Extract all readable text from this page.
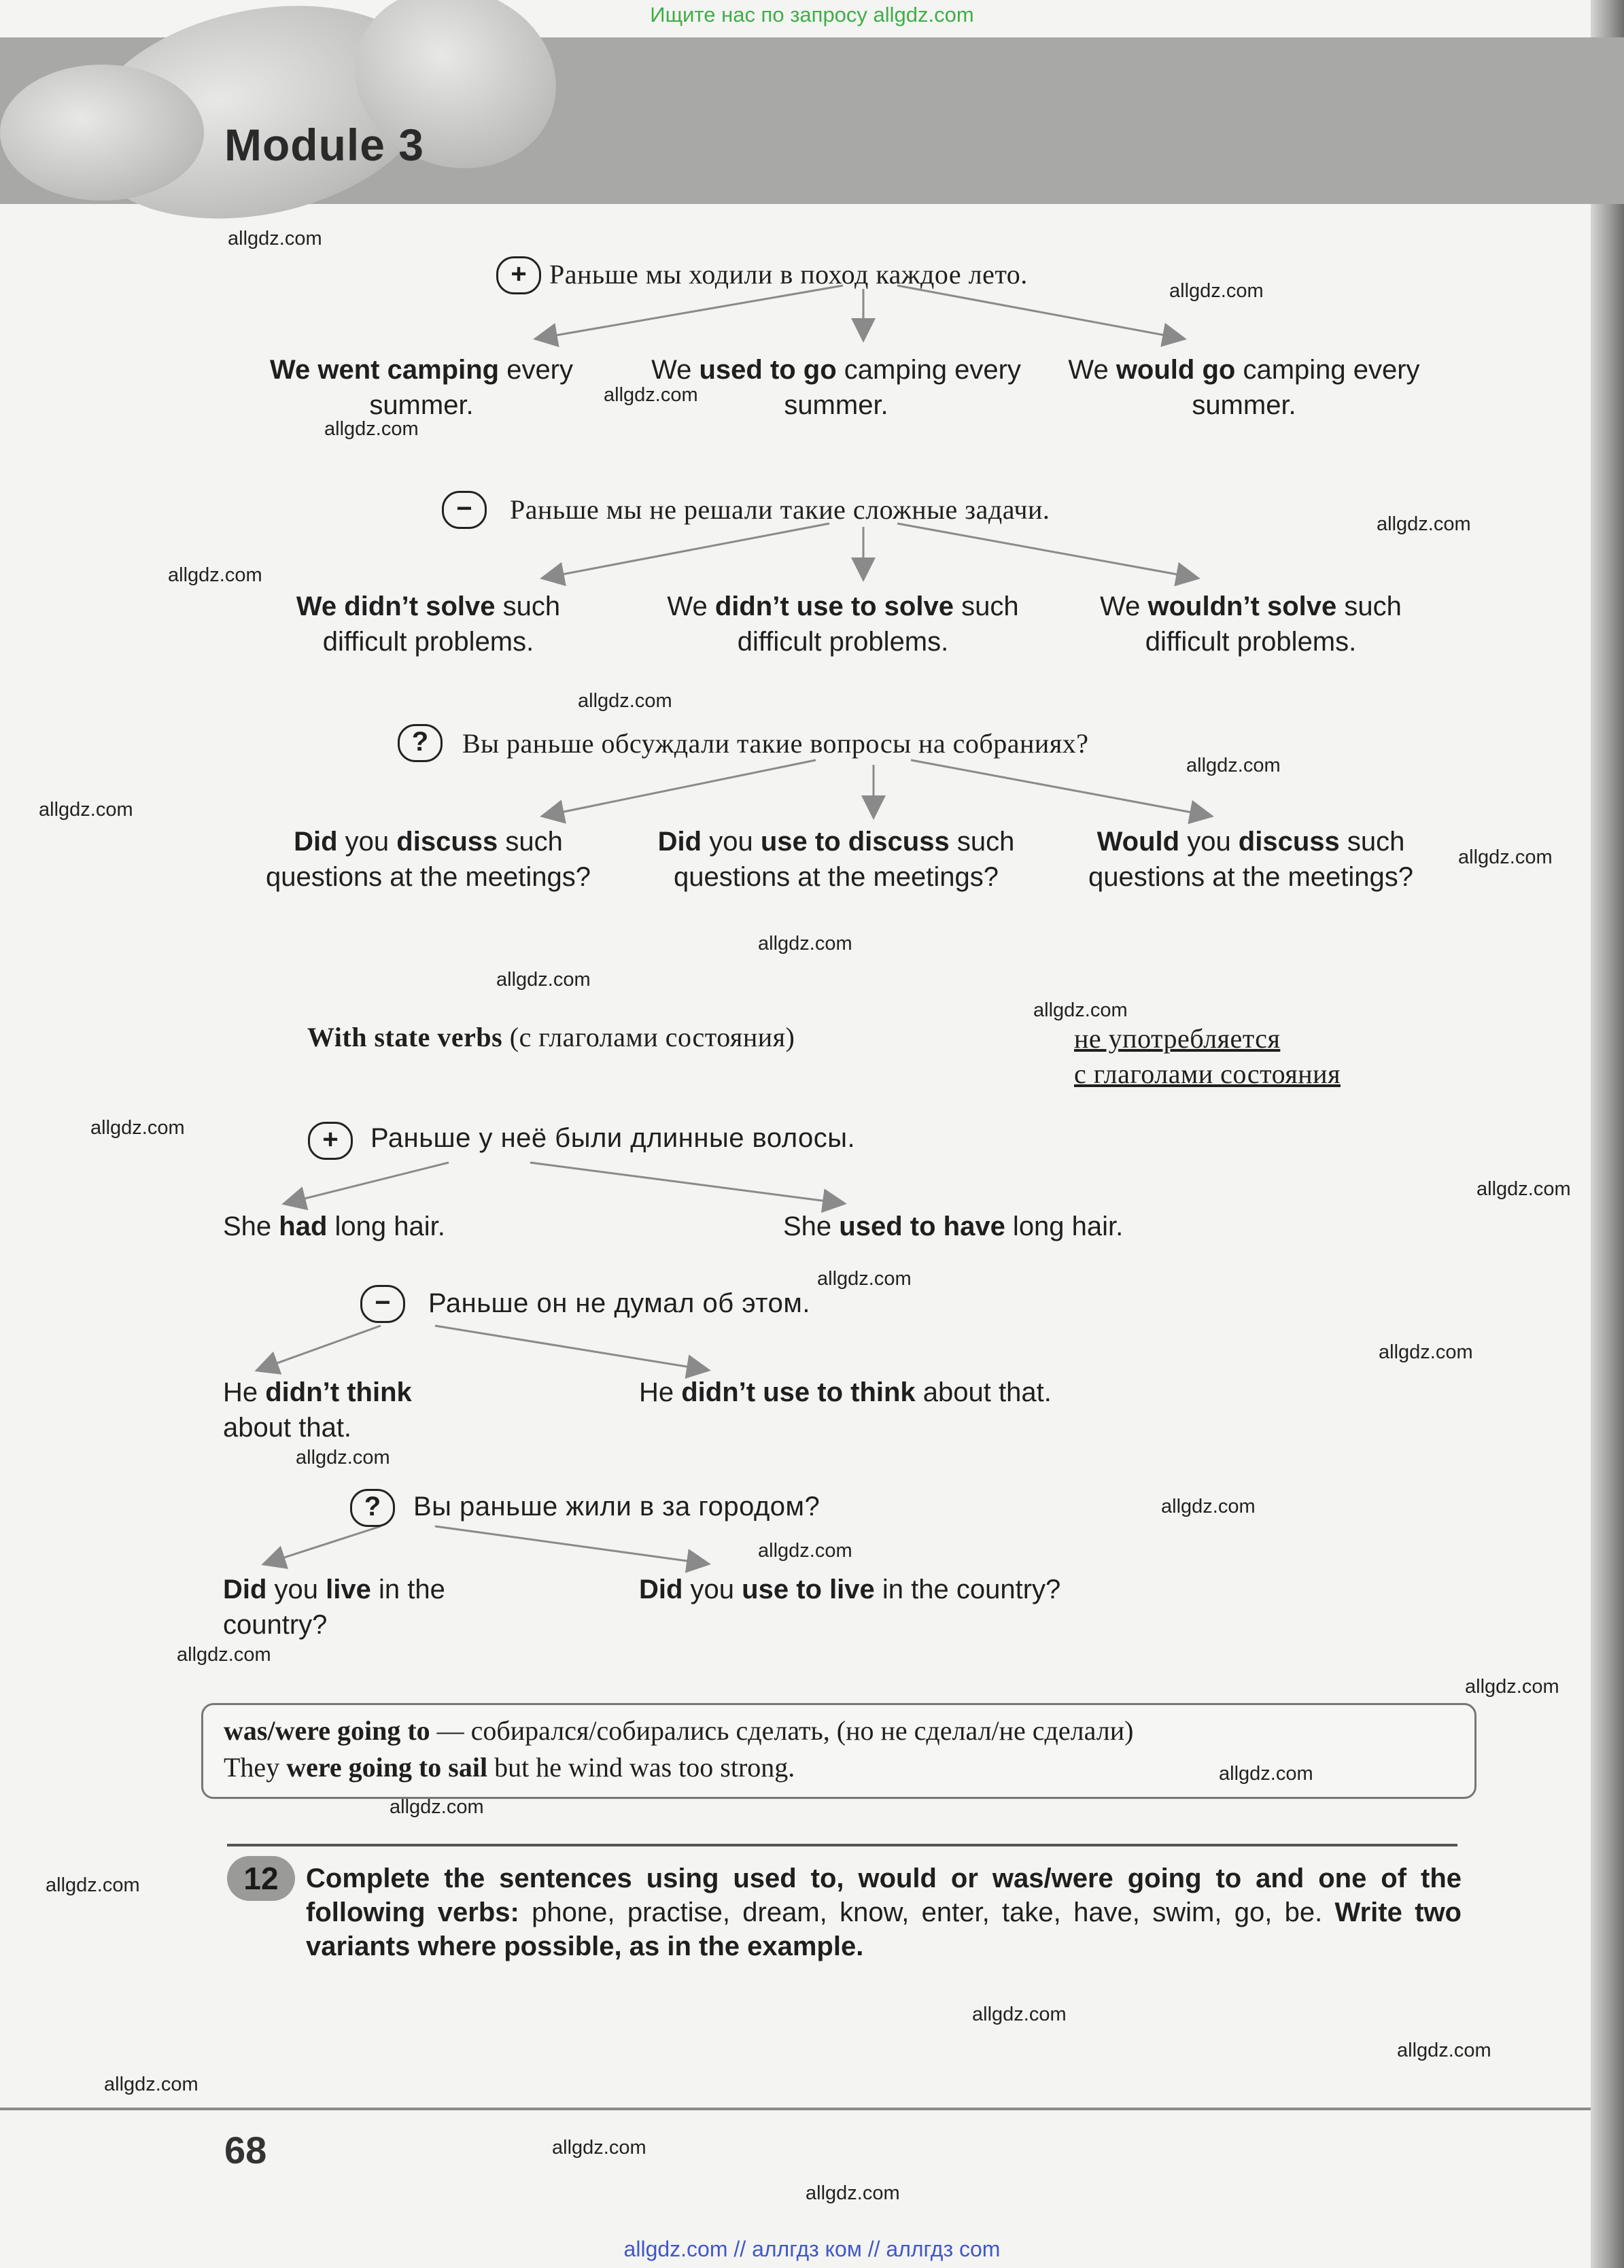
Ищите нас по запросу allgdz.com
Module 3
+ Раньше мы ходили в поход каждое лето.
We went camping every summer.
We used to go camping every summer.
We would go camping every summer.
−	Раньше мы не решали такие сложные задачи.
We didn’t solve such difficult problems.
We didn’t use to solve such difficult problems.
We wouldn’t solve such difficult problems.
?	Вы раньше обсуждали такие вопросы на собраниях?
Did you discuss such questions at the meetings?
Did you use to discuss such questions at the meetings?
Would you discuss such questions at the meetings?
With state verbs (с глаголами состояния)	не употребляется
с глаголами состояния
+	Раньше у неё были длинные волосы.
She had long hair.	She used to have long hair.
−	Раньше он не думал об этом.
He didn’t think about that.
He didn’t use to think about that.
?	Вы раньше жили в за городом?
Did you live in the country?
Did you use to live in the country?
was/were going to — собирался/собирались сделать, (но не сделал/не сделали)
They were going to sail but he wind was too strong.
12	Complete the sentences using used to, would or was/were going to and one of the following verbs: phone, practise, dream, know, enter, take, have, swim, go, be. Write two variants where possible, as in the example.
68
allgdz.com
allgdz.com
allgdz.com
allgdz.com
allgdz.com
allgdz.com
allgdz.com
allgdz.com
allgdz.com
allgdz.com
allgdz.com
allgdz.com
allgdz.com
allgdz.com
allgdz.com
allgdz.com
allgdz.com
allgdz.com
allgdz.com
allgdz.com
allgdz.com
allgdz.com
allgdz.com
allgdz.com
allgdz.com
allgdz.com
allgdz.com
allgdz.com
allgdz.com
allgdz.com
allgdz.com // аллгдз ком // аллгдз com
